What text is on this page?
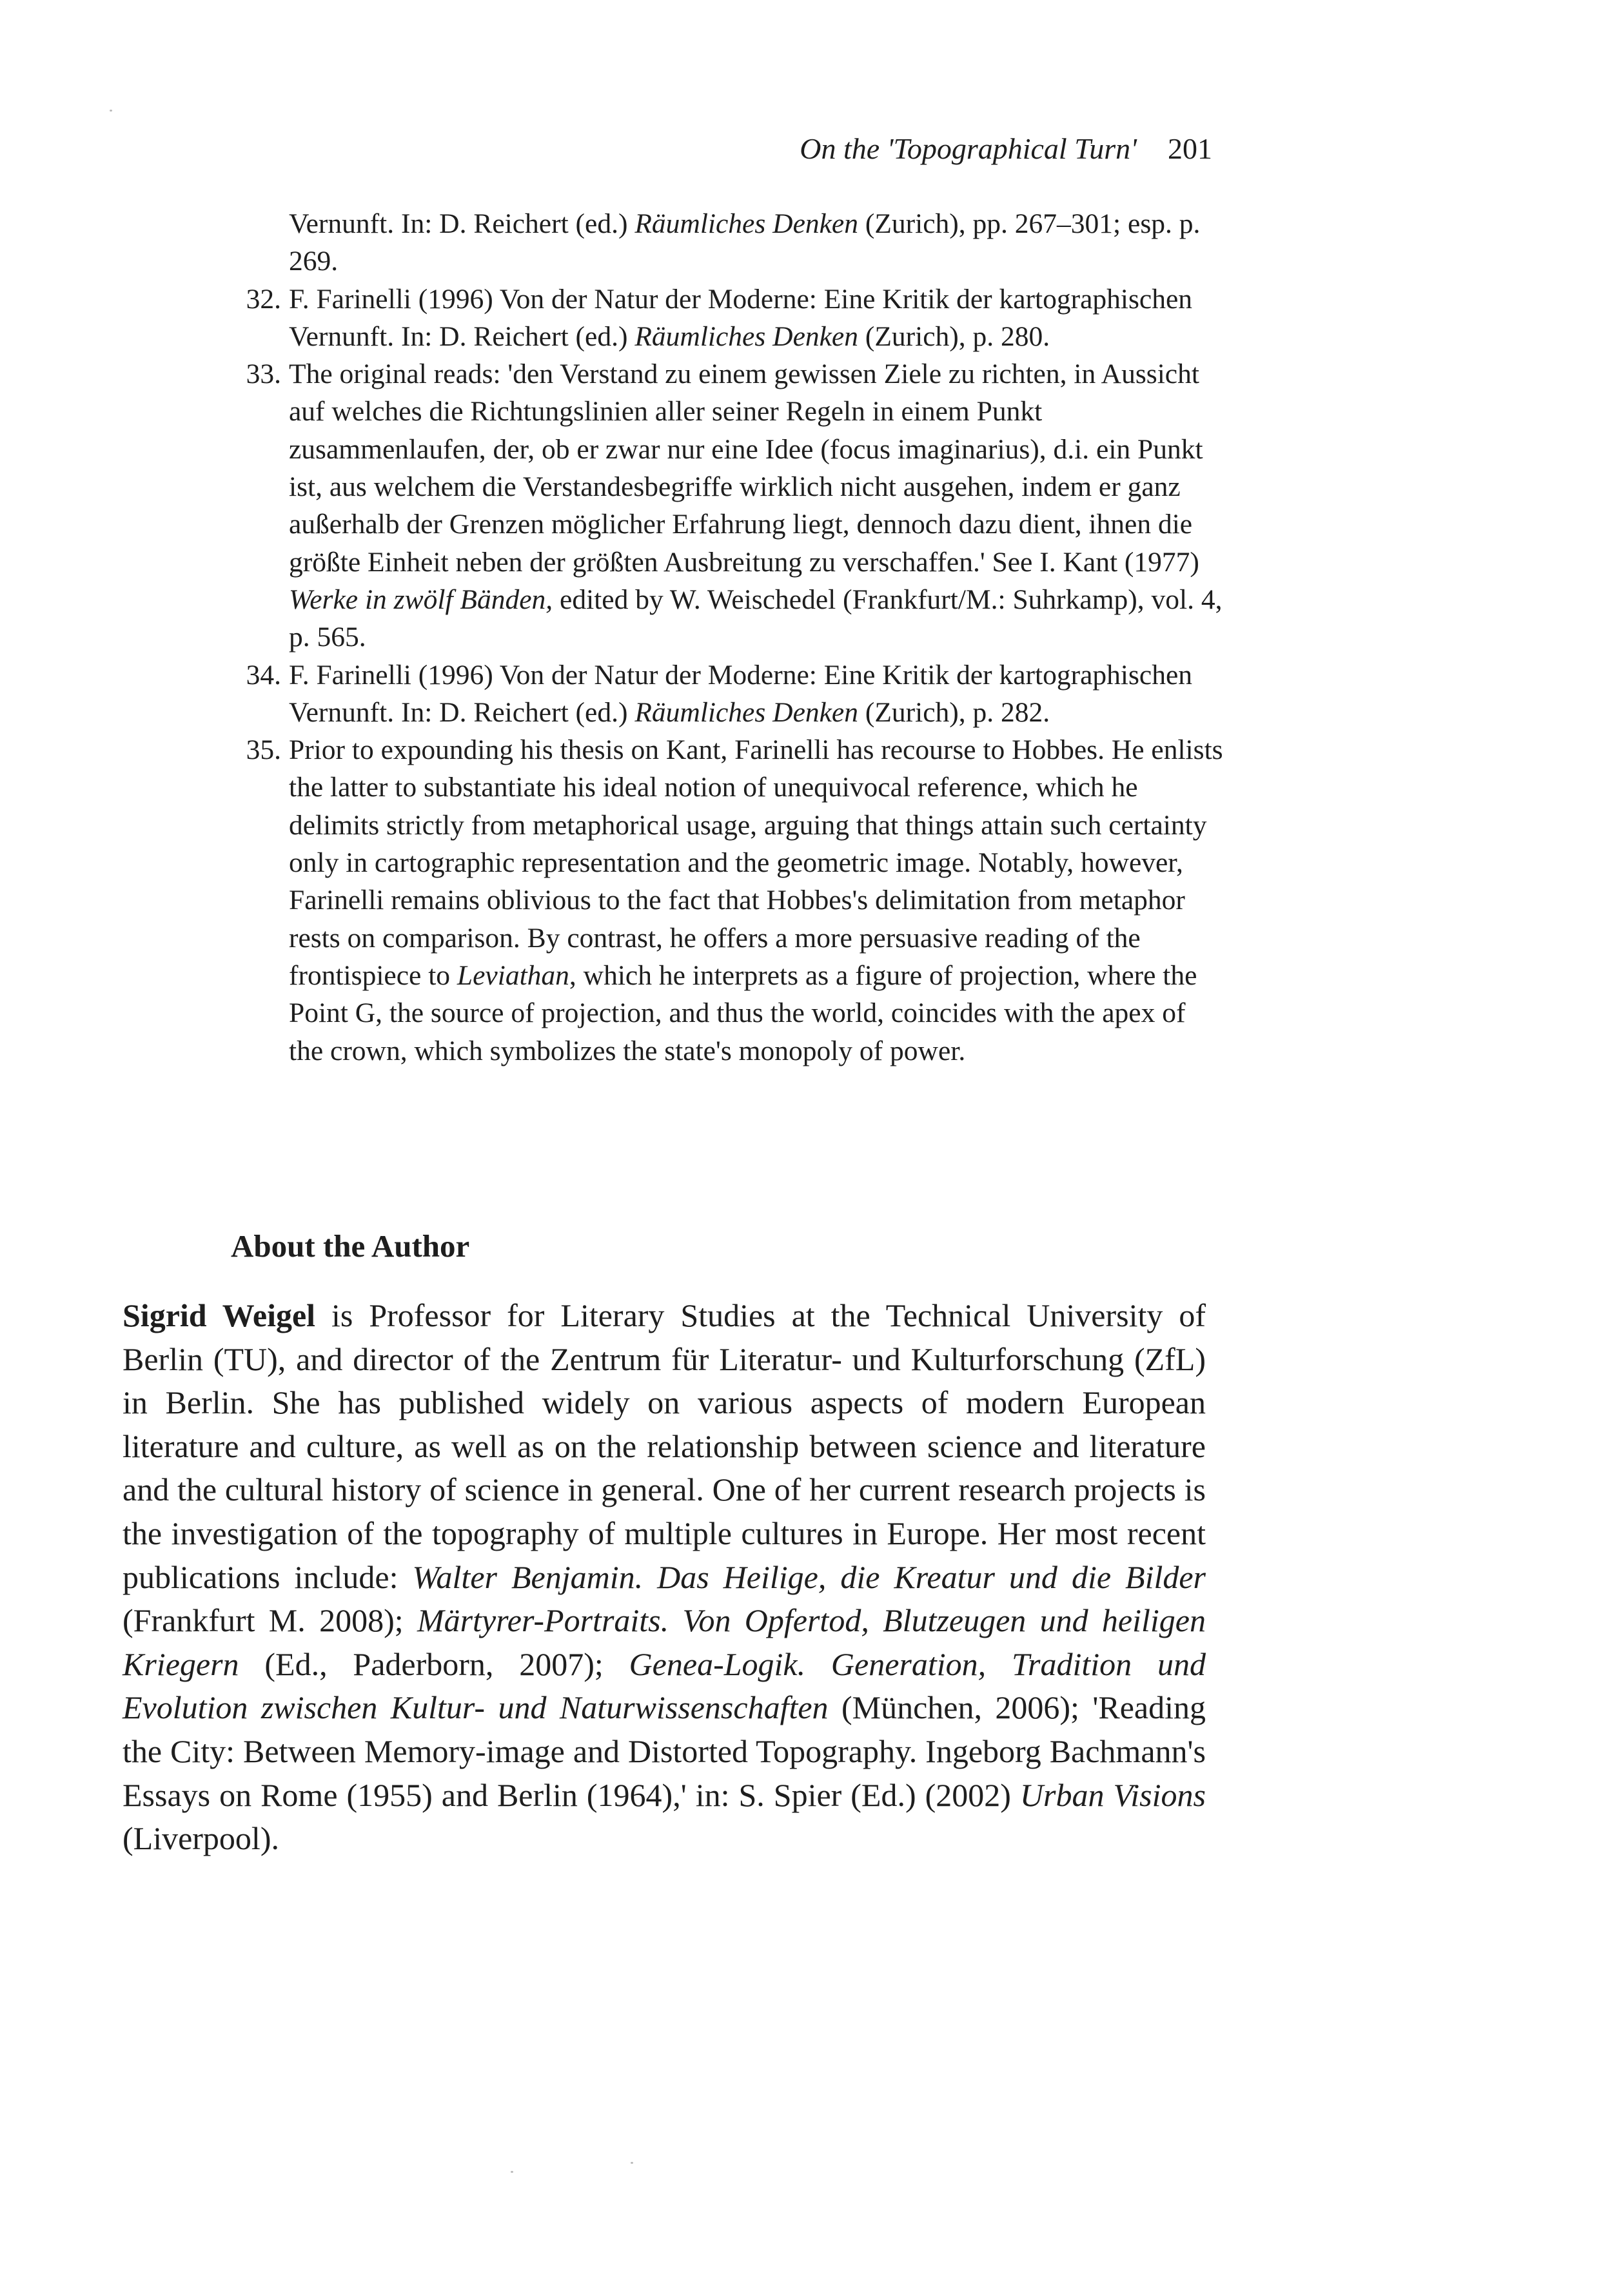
On the 'Topographical Turn' 201
Vernunft. In: D. Reichert (ed.) Räumliches Denken (Zurich), pp. 267–301; esp. p. 269.
32. F. Farinelli (1996) Von der Natur der Moderne: Eine Kritik der kartographischen Vernunft. In: D. Reichert (ed.) Räumliches Denken (Zurich), p. 280.
33. The original reads: 'den Verstand zu einem gewissen Ziele zu richten, in Aussicht auf welches die Richtungslinien aller seiner Regeln in einem Punkt zusammenlaufen, der, ob er zwar nur eine Idee (focus imaginarius), d.i. ein Punkt ist, aus welchem die Verstandesbegriffe wirklich nicht ausgehen, indem er ganz außerhalb der Grenzen möglicher Erfahrung liegt, dennoch dazu dient, ihnen die größte Einheit neben der größten Ausbreitung zu verschaffen.' See I. Kant (1977) Werke in zwölf Bänden, edited by W. Weischedel (Frankfurt/M.: Suhrkamp), vol. 4, p. 565.
34. F. Farinelli (1996) Von der Natur der Moderne: Eine Kritik der kartographischen Vernunft. In: D. Reichert (ed.) Räumliches Denken (Zurich), p. 282.
35. Prior to expounding his thesis on Kant, Farinelli has recourse to Hobbes. He enlists the latter to substantiate his ideal notion of unequivocal reference, which he delimits strictly from metaphorical usage, arguing that things attain such certainty only in cartographic representation and the geometric image. Notably, however, Farinelli remains oblivious to the fact that Hobbes's delimitation from metaphor rests on comparison. By contrast, he offers a more persuasive reading of the frontispiece to Leviathan, which he interprets as a figure of projection, where the Point G, the source of projection, and thus the world, coincides with the apex of the crown, which symbolizes the state's monopoly of power.
About the Author
Sigrid Weigel is Professor for Literary Studies at the Technical University of Berlin (TU), and director of the Zentrum für Literatur- und Kulturforschung (ZfL) in Berlin. She has published widely on various aspects of modern European literature and culture, as well as on the relationship between science and literature and the cultural history of science in general. One of her current research projects is the investigation of the topography of multiple cultures in Europe. Her most recent publications include: Walter Benjamin. Das Heilige, die Kreatur und die Bilder (Frankfurt M. 2008); Märtyrer-Portraits. Von Opfertod, Blutzeugen und heiligen Kriegern (Ed., Paderborn, 2007); Genea-Logik. Generation, Tradition und Evolution zwischen Kultur- und Naturwissenschaften (München, 2006); 'Reading the City: Between Memory-image and Distorted Topography. Ingeborg Bachmann's Essays on Rome (1955) and Berlin (1964),' in: S. Spier (Ed.) (2002) Urban Visions (Liverpool).
